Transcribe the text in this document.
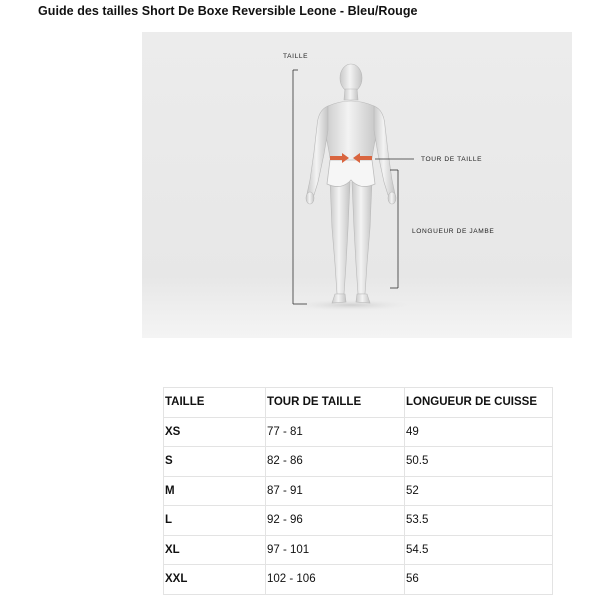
Guide des tailles Short De Boxe Reversible Leone - Bleu/Rouge
TAILLE
TOUR DE TAILLE
LONGUEUR DE JAMBE
TAILLE	TOUR DE TAILLE	LONGUEUR DE CUISSE
XS	77 - 81	49
S	82 - 86	50.5
M	87 - 91	52
L	92 - 96	53.5
XL	97 - 101	54.5
XXL	102 - 106	56
